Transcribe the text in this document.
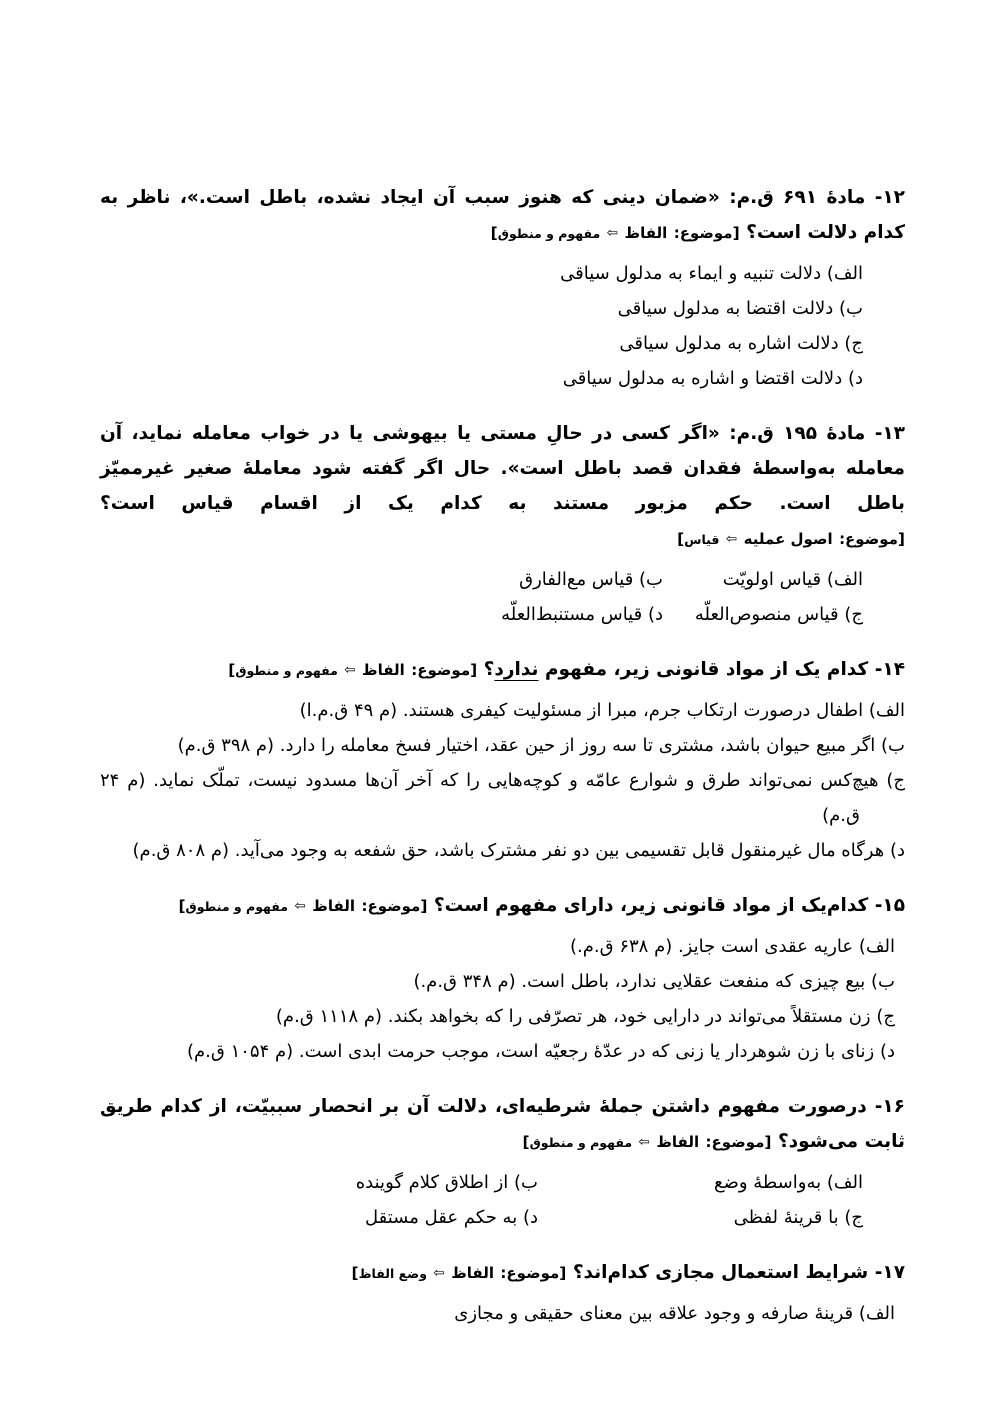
۱۲- مادهٔ ۶۹۱ ق.م: «ضمان دینی که هنوز سبب آن ایجاد نشده، باطل است.»، ناظر به کدام دلالت است؟ [موضوع: الفاظ ⇦ مفهوم و منطوق]

الف) دلالت تنبیه و ایماء به مدلول سیاقی
ب) دلالت اقتضا به مدلول سیاقی
ج) دلالت اشاره به مدلول سیاقی
د) دلالت اقتضا و اشاره به مدلول سیاقی

۱۳- مادهٔ ۱۹۵ ق.م: «اگر کسی در حالِ مستی یا بیهوشی یا در خواب معامله نماید، آن معامله به‌واسطهٔ فقدان قصد باطل است». حال اگر گفته شود معاملهٔ صغیر غیرممیّز باطل است. حکم مزبور مستند به کدام یک از اقسام قیاس است؟ [موضوع: اصول عملیه ⇦ قیاس]

الف) قیاس اولویّت
ب) قیاس مع‌الفارق
ج) قیاس منصوص‌العلّه
د) قیاس مستنبط‌العلّه

۱۴- کدام یک از مواد قانونی زیر، مفهوم ندارد؟ [موضوع: الفاظ ⇦ مفهوم و منطوق]

الف) اطفال درصورت ارتکاب جرم، مبرا از مسئولیت کیفری هستند. (م ۴۹ ق.م.ا)

ب) اگر مبیع حیوان باشد، مشتری تا سه روز از حین عقد، اختیار فسخ معامله را دارد. (م ۳۹۸ ق.م)

ج) هیچ‌کس نمی‌تواند طرق و شوارع عامّه و کوچه‌هایی را که آخر آن‌ها مسدود نیست، تملّک نماید. (م ۲۴ ق.م)

د) هرگاه مال غیرمنقول قابل تقسیمی بین دو نفر مشترک باشد، حق شفعه به وجود می‌آید. (م ۸۰۸ ق.م)

۱۵- کدام‌یک از مواد قانونی زیر، دارای مفهوم است؟ [موضوع: الفاظ ⇦ مفهوم و منطوق]

الف) عاریه عقدی است جایز. (م ۶۳۸ ق.م.)
ب) بیع چیزی که منفعت عقلایی ندارد، باطل است. (م ۳۴۸ ق.م.)
ج) زن مستقلاً می‌تواند در دارایی خود، هر تصرّفی را که بخواهد بکند. (م ۱۱۱۸ ق.م)
د) زنای با زن شوهردار یا زنی که در عدّهٔ رجعیّه است، موجب حرمت ابدی است. (م ۱۰۵۴ ق.م)

۱۶- درصورت مفهوم داشتن جملهٔ شرطیه‌ای، دلالت آن بر انحصار سببیّت، از کدام طریق ثابت می‌شود؟ [موضوع: الفاظ ⇦ مفهوم و منطوق]

الف) به‌واسطهٔ وضع
ب) از اطلاق کلام گوینده
ج) با قرینهٔ لفظی
د) به حکم عقل مستقل

۱۷- شرایط استعمال مجازی کدام‌اند؟ [موضوع: الفاظ ⇦ وضع الفاظ]

الف) قرینهٔ صارفه و وجود علاقه بین معنای حقیقی و مجازی
